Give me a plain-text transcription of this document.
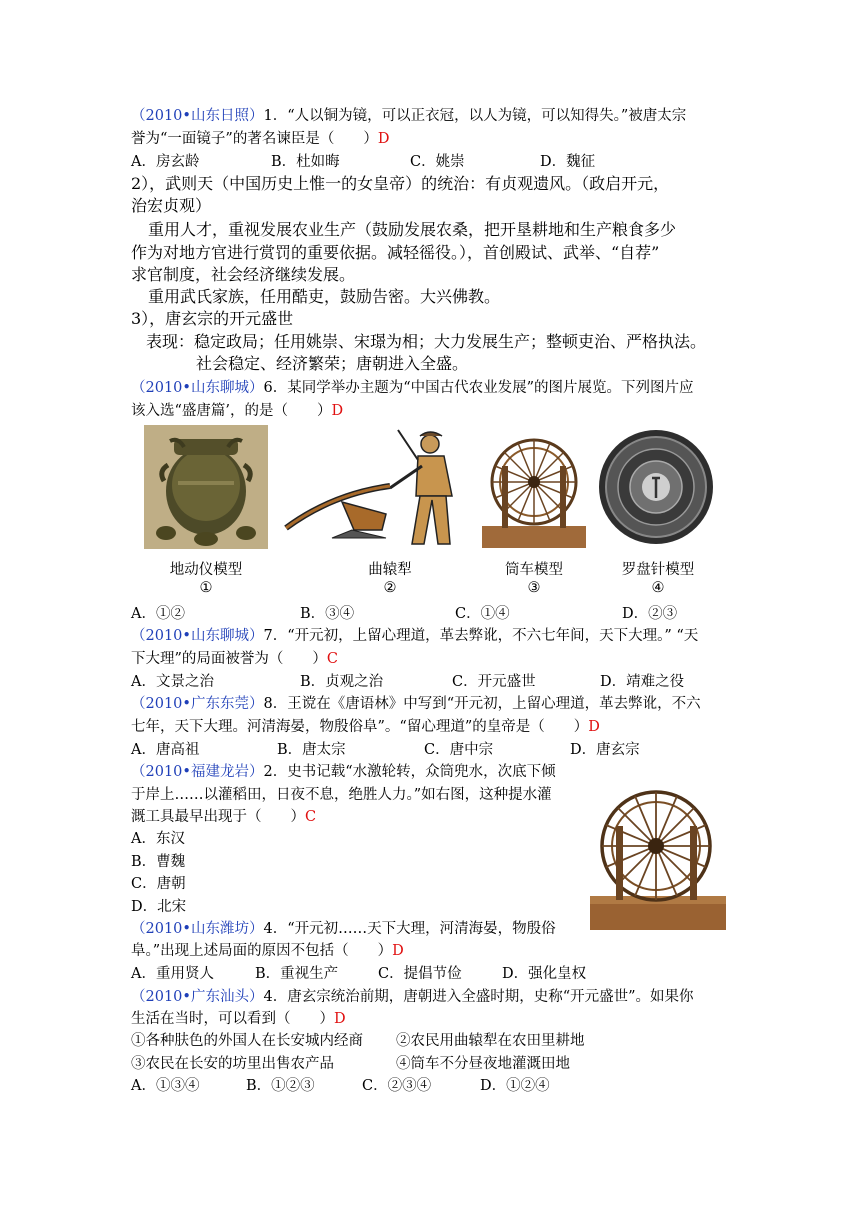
（2010•山东日照）1．“人以铜为镜，可以正衣冠，以人为镜，可以知得失。”被唐太宗
誉为“一面镜子”的著名谏臣是（　　）D
A．房玄龄	B．杜如晦	C．姚崇	D．魏征
2），武则天（中国历史上惟一的女皇帝）的统治：有贞观遗风。（政启开元，
治宏贞观）
重用人才，重视发展农业生产（鼓励发展农桑，把开垦耕地和生产粮食多少
作为对地方官进行赏罚的重要依据。减轻徭役。），首创殿试、武举、“自荐”
求官制度，社会经济继续发展。
重用武氏家族，任用酷吏，鼓励告密。大兴佛教。
3），唐玄宗的开元盛世
表现：稳定政局；任用姚崇、宋璟为相；大力发展生产；整顿吏治、严格执法。
社会稳定、经济繁荣；唐朝进入全盛。
（2010•山东聊城）6．某同学举办主题为“中国古代农业发展”的图片展览。下列图片应
该入选“盛唐篇’，的是（　　）D
地动仪模型
①
曲辕犁
②
筒车模型
③
罗盘针模型
④
A．①②	B．③④	C．①④	D．②③
（2010•山东聊城）7．“开元初，上留心理道，革去弊讹，不六七年间，天下大理。” “天
下大理”的局面被誉为（　　）C
A．文景之治	B．贞观之治	C．开元盛世	D．靖难之役
（2010•广东东莞）8．王谠在《唐语林》中写到“开元初，上留心理道，革去弊讹，不六
七年，天下大理。河清海晏，物殷俗阜”。“留心理道”的皇帝是（　　）D
A．唐高祖	B．唐太宗	C．唐中宗	D．唐玄宗
（2010•福建龙岩）2．史书记载“水激轮转，众筒兜水，次底下倾
于岸上……以灌稻田，日夜不息，绝胜人力。”如右图，这种提水灌
溉工具最早出现于（　　）C
A．东汉
B．曹魏
C．唐朝
D．北宋
（2010•山东潍坊）4．“开元初……天下大理，河清海晏，物殷俗
阜。”出现上述局面的原因不包括（　　）D
A．重用贤人	B．重视生产	C．提倡节俭	D．强化皇权
（2010•广东汕头）4．唐玄宗统治前期，唐朝进入全盛时期，史称“开元盛世”。如果你
生活在当时，可以看到（　　）D
①各种肤色的外国人在长安城内经商 ②农民用曲辕犁在农田里耕地
③农民在长安的坊里出售农产品	④筒车不分昼夜地灌溉田地
A．①③④	B．①②③	C．②③④	D．①②④
